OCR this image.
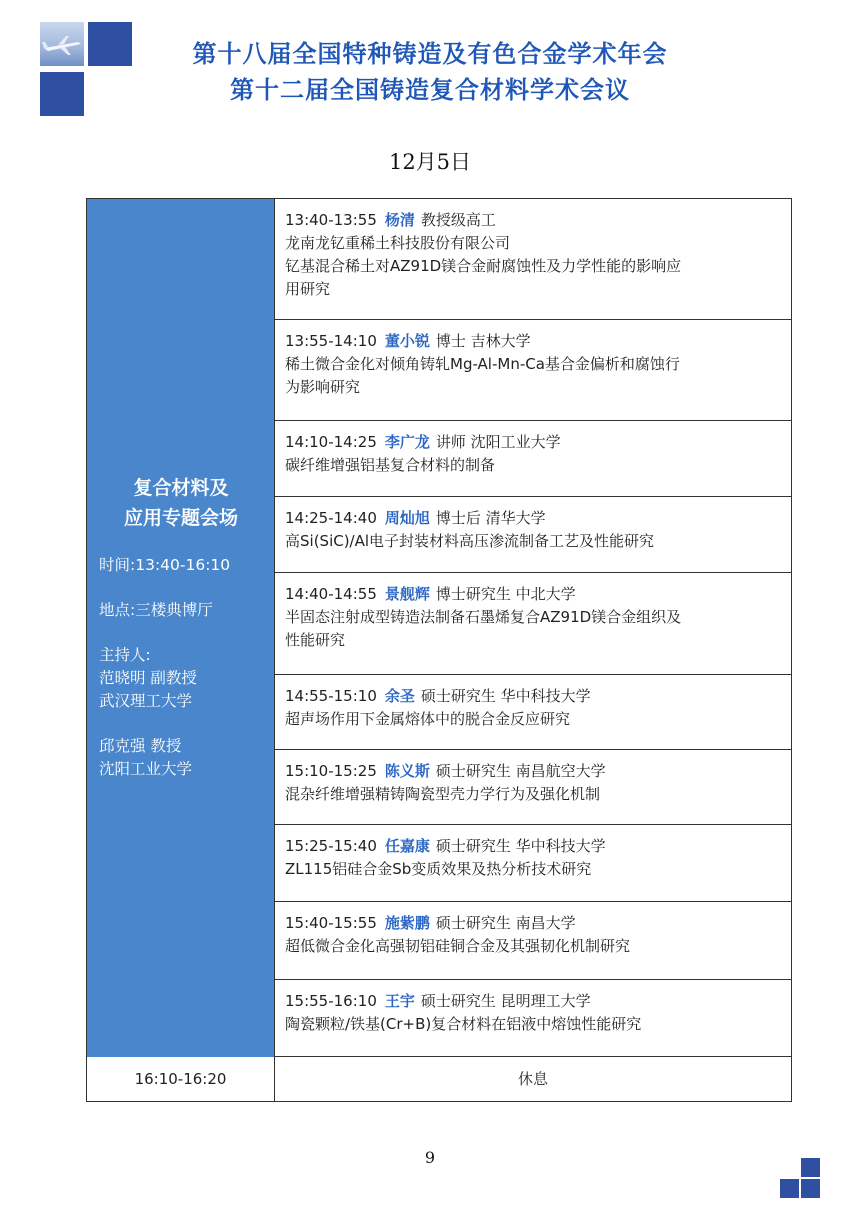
第十八届全国特种铸造及有色合金学术年会
第十二届全国铸造复合材料学术会议
12月5日
复合材料及
应用专题会场
时间:13:40-16:10
地点:三楼典博厅
主持人:
范晓明 副教授
武汉理工大学
邱克强 教授
沈阳工业大学
13:40-13:55 杨清 教授级高工
龙南龙钇重稀土科技股份有限公司
钇基混合稀土对AZ91D镁合金耐腐蚀性及力学性能的影响应
用研究
13:55-14:10 董小锐 博士 吉林大学
稀土微合金化对倾角铸轧Mg-Al-Mn-Ca基合金偏析和腐蚀行
为影响研究
14:10-14:25 李广龙 讲师 沈阳工业大学
碳纤维增强铝基复合材料的制备
14:25-14:40 周灿旭 博士后 清华大学
高Si(SiC)/Al电子封装材料高压渗流制备工艺及性能研究
14:40-14:55 景舰辉 博士研究生 中北大学
半固态注射成型铸造法制备石墨烯复合AZ91D镁合金组织及
性能研究
14:55-15:10 余圣 硕士研究生 华中科技大学
超声场作用下金属熔体中的脱合金反应研究
15:10-15:25 陈义斯 硕士研究生 南昌航空大学
混杂纤维增强精铸陶瓷型壳力学行为及强化机制
15:25-15:40 任嘉康 硕士研究生 华中科技大学
ZL115铝硅合金Sb变质效果及热分析技术研究
15:40-15:55 施紫鹏 硕士研究生 南昌大学
超低微合金化高强韧铝硅铜合金及其强韧化机制研究
15:55-16:10 王宇 硕士研究生 昆明理工大学
陶瓷颗粒/铁基(Cr+B)复合材料在铝液中熔蚀性能研究
16:10-16:20	休息
9
